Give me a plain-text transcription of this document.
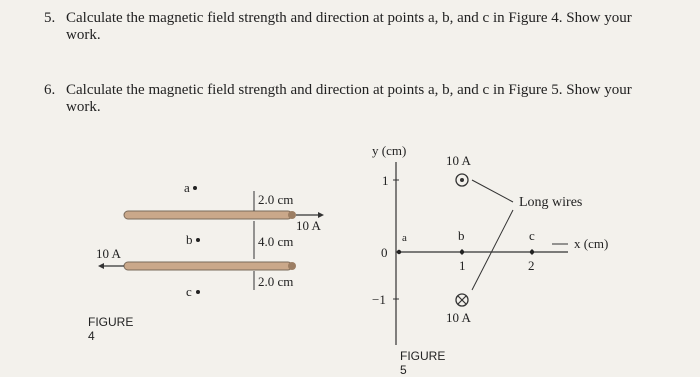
5. Calculate the magnetic field strength and direction at points a, b, and c in Figure 4. Show your
work.
6. Calculate the magnetic field strength and direction at points a, b, and c in Figure 5. Show your
work.
a
b
c
2.0 cm
4.0 cm
2.0 cm
10 A
10 A
FIGURE 4
y (cm)
x (cm)
1
−1
0
1	2
a	b	c
10 A
10 A
Long wires
FIGURE 5
